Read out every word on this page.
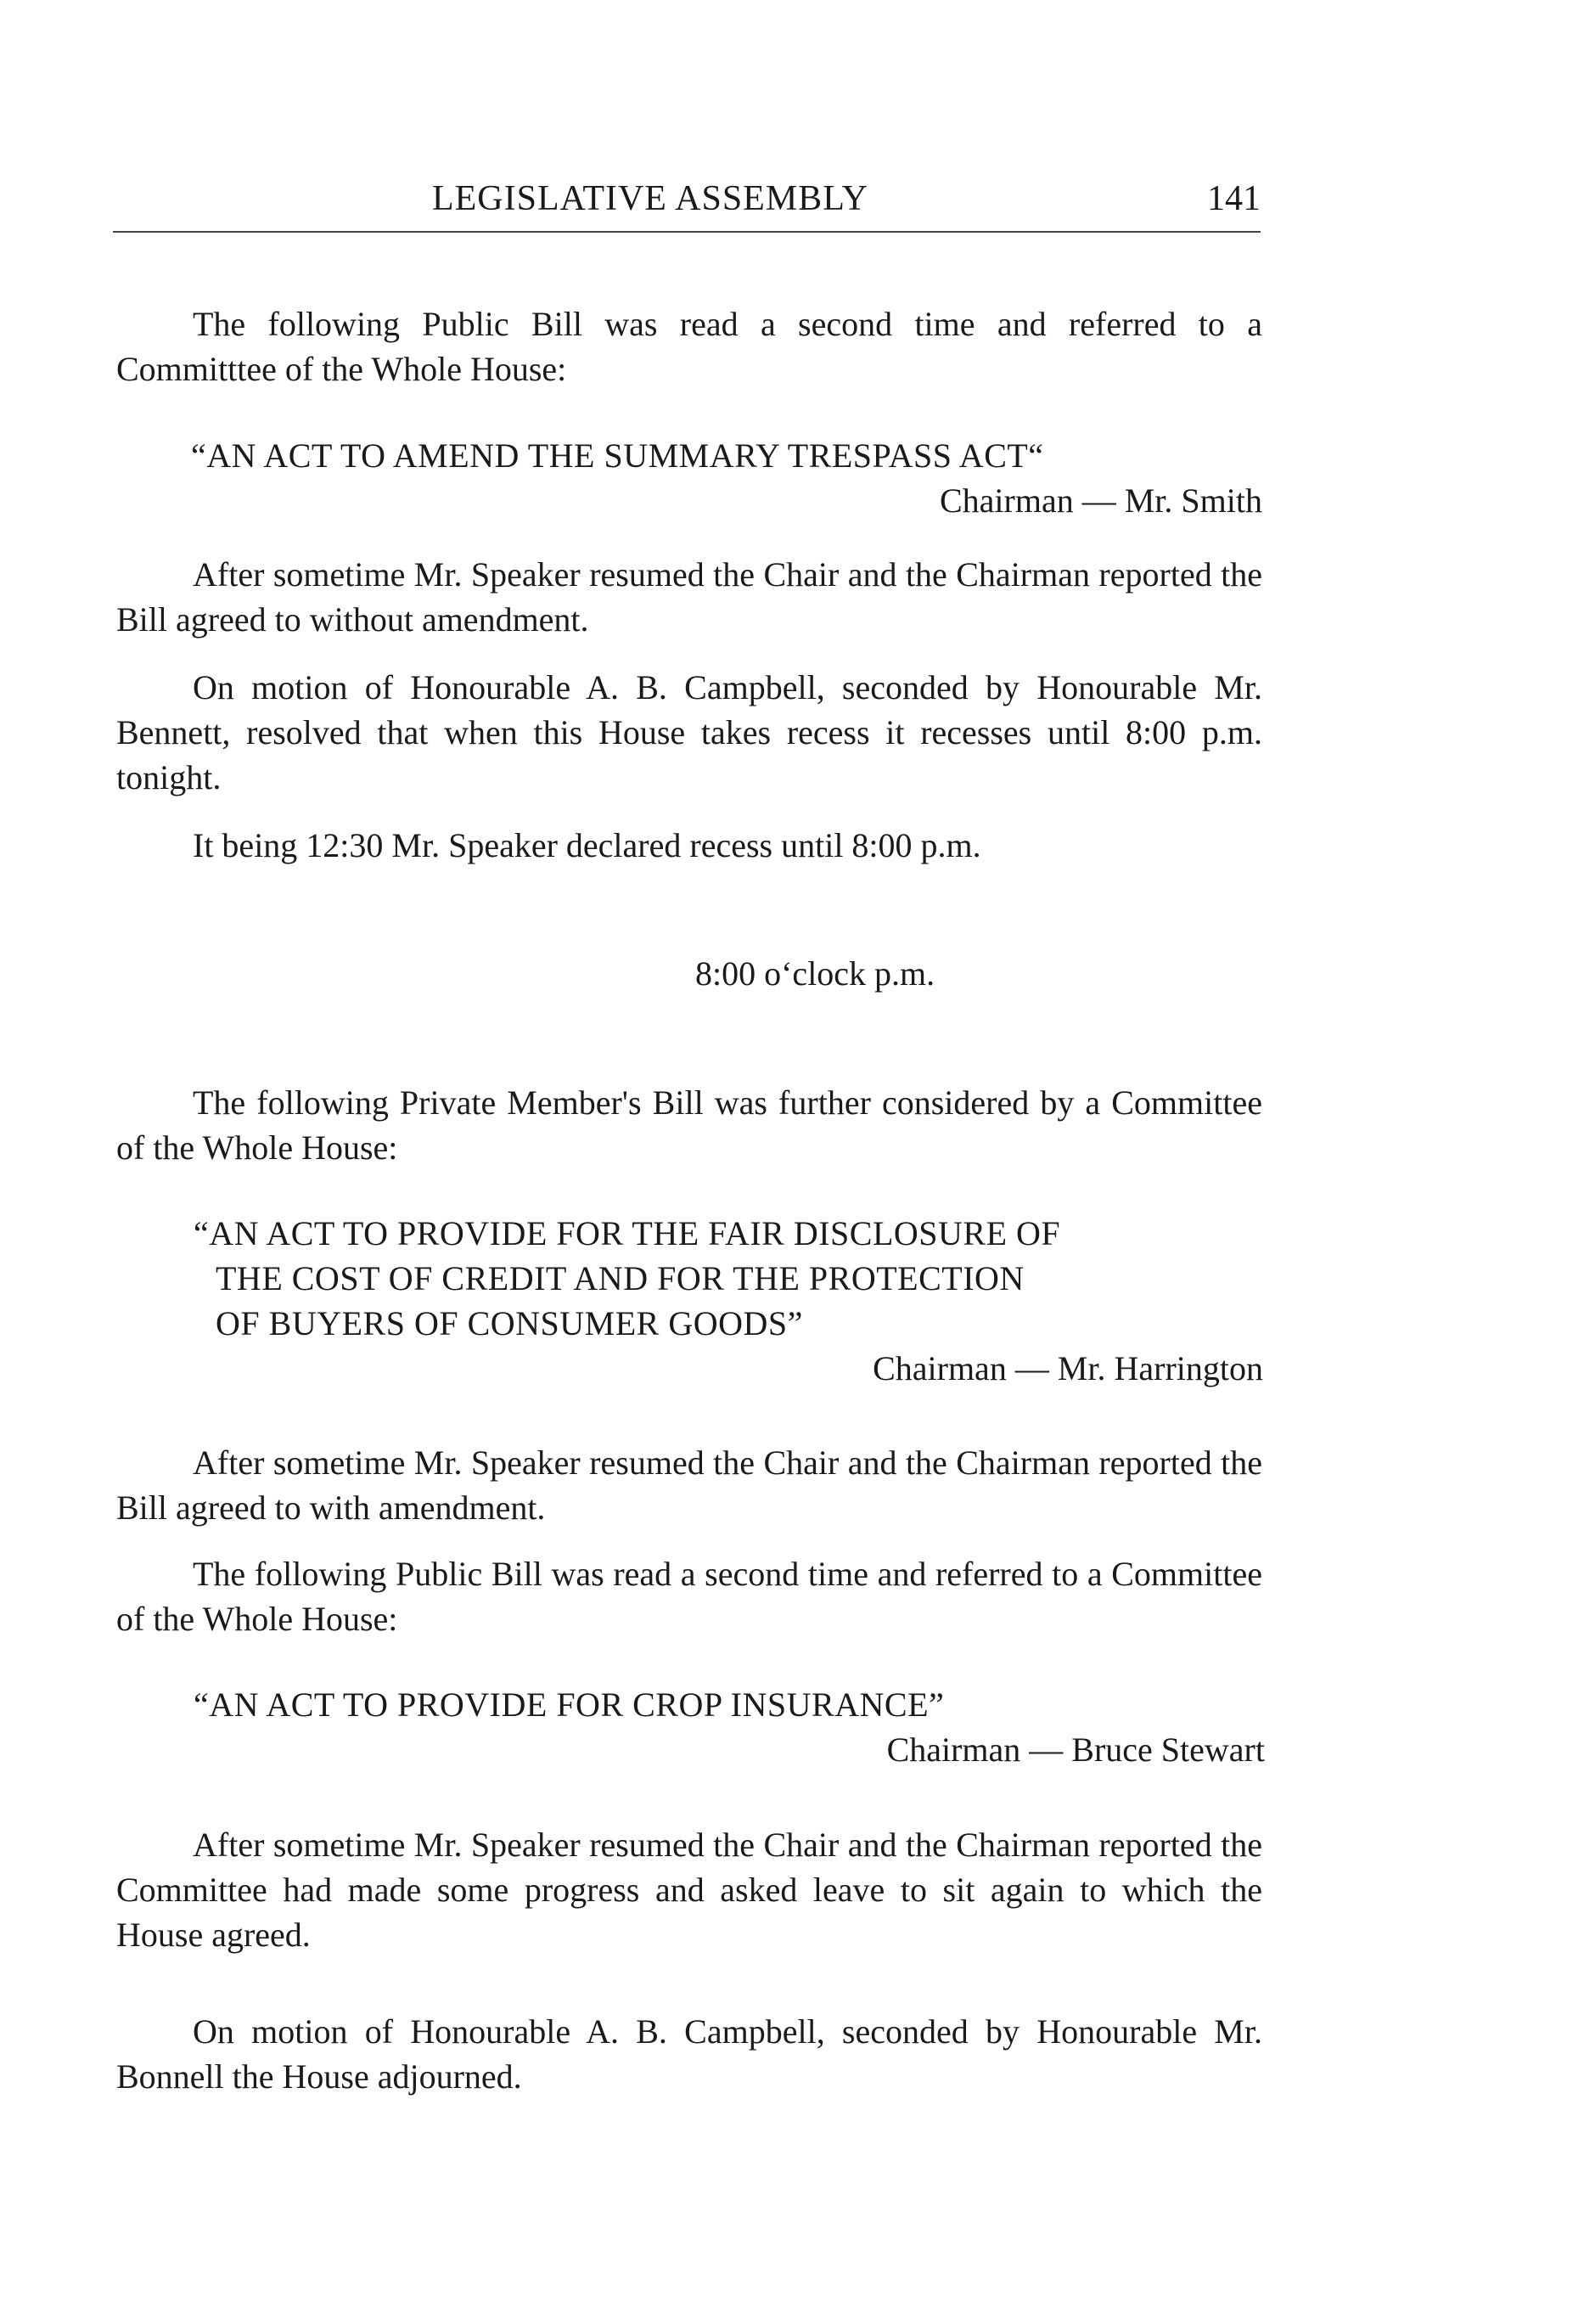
LEGISLATIVE ASSEMBLY	141
The following Public Bill was read a second time and referred to a Committtee of the Whole House:
“AN ACT TO AMEND THE SUMMARY TRESPASS ACT“
Chairman — Mr. Smith
After sometime Mr. Speaker resumed the Chair and the Chairman reported the Bill agreed to without amendment.
On motion of Honourable A. B. Campbell, seconded by Honourable Mr. Bennett, resolved that when this House takes recess it recesses until 8:00 p.m. tonight.
It being 12:30 Mr. Speaker declared recess until 8:00 p.m.
8:00 o‘clock p.m.
The following Private Member's Bill was further considered by a Committee of the Whole House:
“AN ACT TO PROVIDE FOR THE FAIR DISCLOSURE OF
THE COST OF CREDIT AND FOR THE PROTECTION
OF BUYERS OF CONSUMER GOODS”
Chairman — Mr. Harrington
After sometime Mr. Speaker resumed the Chair and the Chairman reported the Bill agreed to with amendment.
The following Public Bill was read a second time and referred to a Committee of the Whole House:
“AN ACT TO PROVIDE FOR CROP INSURANCE”
Chairman — Bruce Stewart
After sometime Mr. Speaker resumed the Chair and the Chairman reported the Committee had made some progress and asked leave to sit again to which the House agreed.
On motion of Honourable A. B. Campbell, seconded by Honourable Mr. Bonnell the House adjourned.
